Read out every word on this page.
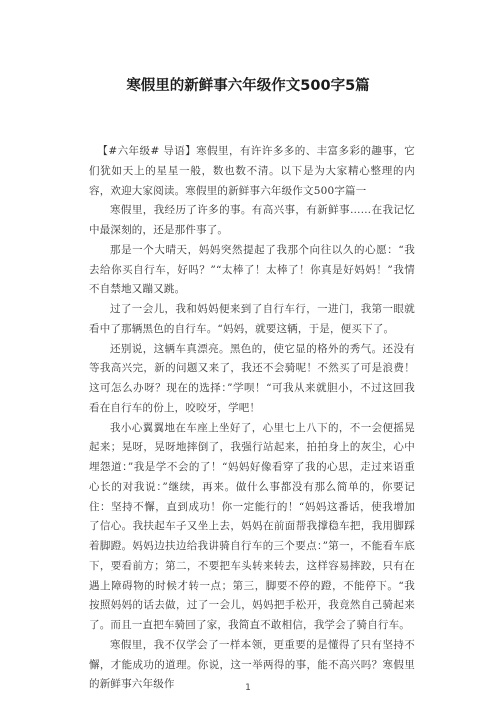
寒假里的新鲜事六年级作文500字5篇

【#六年级# 导语】寒假里，有许许多多的、丰富多彩的趣事，它们犹如天上的星星一般，数也数不清。以下是为大家精心整理的内容，欢迎大家阅读。寒假里的新鲜事六年级作文500字篇一

寒假里，我经历了许多的事。有高兴事，有新鲜事……在我记忆中最深刻的，还是那件事了。

那是一个大晴天，妈妈突然提起了我那个向往以久的心愿：“我去给你买自行车，好吗？”“太棒了！太棒了！你真是好妈妈！”我情不自禁地又蹦又跳。

过了一会儿，我和妈妈便来到了自行车行，一进门，我第一眼就看中了那辆黑色的自行车。“妈妈，就要这辆，于是，便买下了。

还别说，这辆车真漂亮。黑色的，使它显的格外的秀气。还没有等我高兴完，新的问题又来了，我还不会骑呢！不然买了可是浪费！这可怎么办呀？现在的选择：”学呗！“可我从来就胆小，不过这回我看在自行车的份上，咬咬牙，学吧！

我小心翼翼地在车座上坐好了，心里七上八下的，不一会便摇晃起来；晃呀，晃呀地摔倒了，我强行站起来，拍拍身上的灰尘，心中埋怨道：”我是学不会的了！“妈妈好像看穿了我的心思，走过来语重心长的对我说：”继续，再来。做什么事都没有那么简单的，你要记住：坚持不懈，直到成功！你一定能行的！“妈妈这番话，使我增加了信心。我扶起车子又坐上去，妈妈在前面帮我撑稳车把，我用脚踩着脚蹬。妈妈边扶边给我讲骑自行车的三个要点：”第一，不能看车底下，要看前方；第二，不要把车头转来转去，这样容易摔跤，只有在遇上障碍物的时候才转一点；第三，脚要不停的蹬，不能停下。“我按照妈妈的话去做，过了一会儿，妈妈把手松开，我竟然自己骑起来了。而且一直把车骑回了家，我简直不敢相信，我学会了骑自行车。

寒假里，我不仅学会了一样本领，更重要的是懂得了只有坚持不懈，才能成功的道理。你说，这一举两得的事，能不高兴吗？寒假里的新鲜事六年级作	1
